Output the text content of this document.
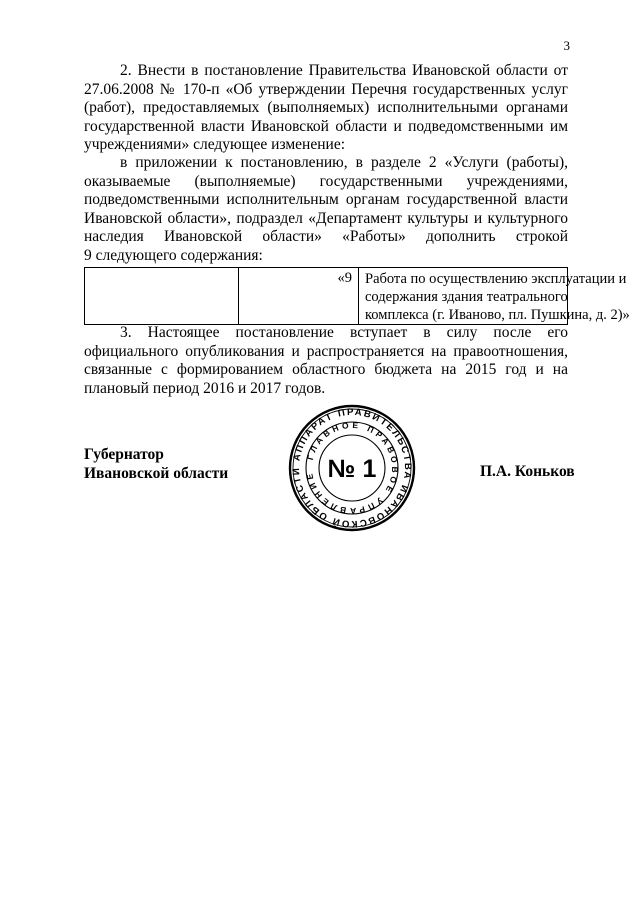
3
2. Внести в постановление Правительства Ивановской области от
27.06.2008 № 170-п «Об утверждении Перечня государственных услуг
(работ), предоставляемых (выполняемых) исполнительными органами
государственной власти Ивановской области и подведомственными им
учреждениями» следующее изменение:
в приложении к постановлению, в разделе 2 «Услуги (работы),
оказываемые (выполняемые) государственными учреждениями,
подведомственными исполнительным органам государственной власти
Ивановской области», подраздел «Департамент культуры и культурного
наследия Ивановской области» «Работы» дополнить строкой
9 следующего содержания:
«9 Работа по осуществлению эксплуатации и
содержания здания театрального
комплекса (г. Иваново, пл. Пушкина, д. 2)»
3. Настоящее постановление вступает в силу после его
официального опубликования и распространяется на правоотношения,
связанные с формированием областного бюджета на 2015 год и на
плановый период 2016 и 2017 годов.
Губернатор
Ивановской области
АППАРАТ ПРАВИТЕЛЬСТВА ИВАНОВСКОЙ ОБЛАСТИ
ГЛАВНОЕ ПРАВОВОЕ УПРАВЛЕНИЕ № 1	П.А. Коньков
